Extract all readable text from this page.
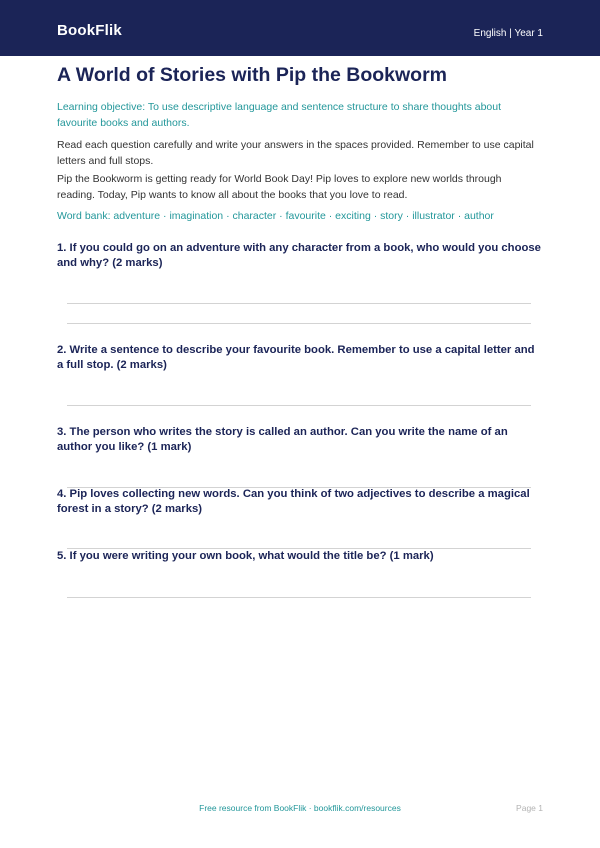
BookFlik	English | Year 1
A World of Stories with Pip the Bookworm

Learning objective: To use descriptive language and sentence structure to share thoughts about favourite books and authors.

Read each question carefully and write your answers in the spaces provided. Remember to use capital letters and full stops.

Pip the Bookworm is getting ready for World Book Day! Pip loves to explore new worlds through reading. Today, Pip wants to know all about the books that you love to read.

Word bank: adventure · imagination · character · favourite · exciting · story · illustrator · author

1. If you could go on an adventure with any character from a book, who would you choose and why? (2 marks)

2. Write a sentence to describe your favourite book. Remember to use a capital letter and a full stop. (2 marks)

3. The person who writes the story is called an author. Can you write the name of an author you like? (1 mark)

4. Pip loves collecting new words. Can you think of two adjectives to describe a magical forest in a story? (2 marks)

5. If you were writing your own book, what would the title be? (1 mark)

Free resource from BookFlik · bookflik.com/resources	Page 1
